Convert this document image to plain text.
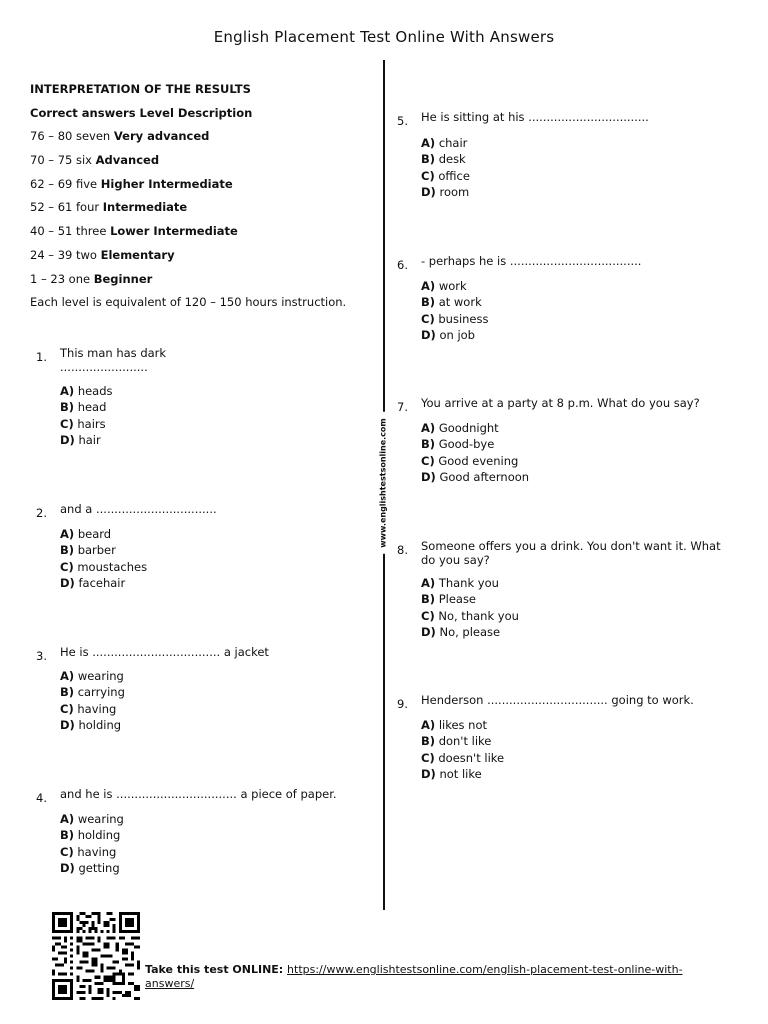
English Placement Test Online With Answers
www.englishtestsonline.com
INTERPRETATION OF THE RESULTS
Correct answers Level Description
76 – 80 seven Very advanced
70 – 75 six Advanced
62 – 69 five Higher Intermediate
52 – 61 four Intermediate
40 – 51 three Lower Intermediate
24 – 39 two Elementary
1 – 23 one Beginner
Each level is equivalent of 120 – 150 hours instruction.
1. This man has dark ........................
A) heads
B) head
C) hairs
D) hair
2. and a .................................
A) beard
B) barber
C) moustaches
D) facehair
3. He is ................................... a jacket
A) wearing
B) carrying
C) having
D) holding
4. and he is ................................. a piece of paper.
A) wearing
B) holding
C) having
D) getting
5. He is sitting at his .................................
A) chair
B) desk
C) office
D) room
6. - perhaps he is ....................................
A) work
B) at work
C) business
D) on job
7. You arrive at a party at 8 p.m. What do you say?
A) Goodnight
B) Good-bye
C) Good evening
D) Good afternoon
8. Someone offers you a drink. You don't want it. What do you say?
A) Thank you
B) Please
C) No, thank you
D) No, please
9. Henderson ................................. going to work.
A) likes not
B) don't like
C) doesn't like
D) not like
Take this test ONLINE: https://www.englishtestsonline.com/english-placement-test-online-with-answers/
